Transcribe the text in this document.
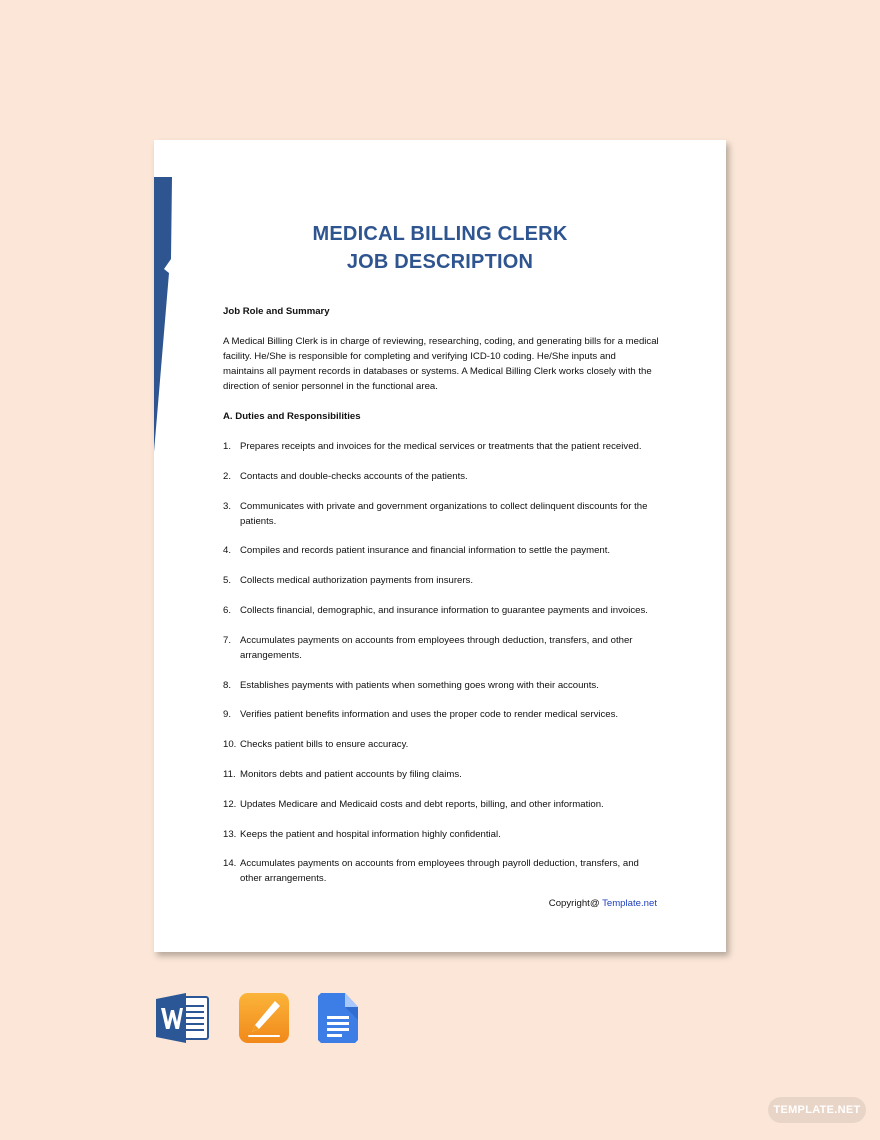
MEDICAL BILLING CLERK
JOB DESCRIPTION
Job Role and Summary
A Medical Billing Clerk is in charge of reviewing, researching, coding, and generating bills for a medical facility. He/She is responsible for completing and verifying ICD-10 coding. He/She inputs and maintains all payment records in databases or systems. A Medical Billing Clerk works closely with the direction of senior personnel in the functional area.
A. Duties and Responsibilities
1. Prepares receipts and invoices for the medical services or treatments that the patient received.
2. Contacts and double-checks accounts of the patients.
3. Communicates with private and government organizations to collect delinquent discounts for the patients.
4. Compiles and records patient insurance and financial information to settle the payment.
5. Collects medical authorization payments from insurers.
6. Collects financial, demographic, and insurance information to guarantee payments and invoices.
7. Accumulates payments on accounts from employees through deduction, transfers, and other arrangements.
8. Establishes payments with patients when something goes wrong with their accounts.
9. Verifies patient benefits information and uses the proper code to render medical services.
10. Checks patient bills to ensure accuracy.
11. Monitors debts and patient accounts by filing claims.
12. Updates Medicare and Medicaid costs and debt reports, billing, and other information.
13. Keeps the patient and hospital information highly confidential.
14. Accumulates payments on accounts from employees through payroll deduction, transfers, and other arrangements.
Copyright@ Template.net
TEMPLATE.NET
